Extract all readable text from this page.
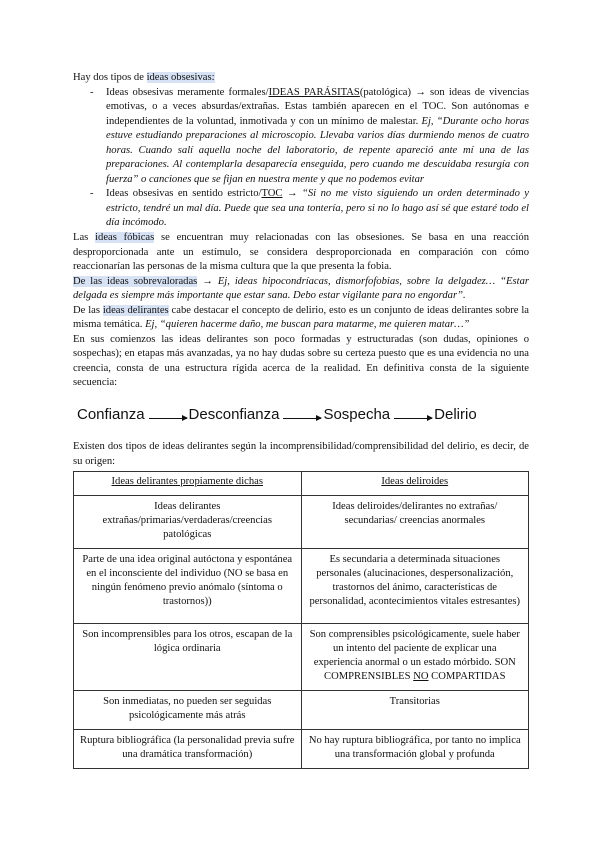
Hay dos tipos de ideas obsesivas:

- Ideas obsesivas meramente formales/IDEAS PARÁSITAS(patológica) → son ideas de vivencias emotivas, o a veces absurdas/extrañas. Estas también aparecen en el TOC. Son autónomas e independientes de la voluntad, inmotivada y con un mínimo de malestar. Ej, “Durante ocho horas estuve estudiando preparaciones al microscopio. Llevaba varios días durmiendo menos de cuatro horas. Cuando salí aquella noche del laboratorio, de repente apareció ante mí una de las preparaciones. Al contemplarla desaparecía enseguida, pero cuando me descuidaba resurgía con fuerza” o canciones que se fijan en nuestra mente y que no podemos evitar
- Ideas obsesivas en sentido estricto/TOC → “Si no me visto siguiendo un orden determinado y estricto, tendré un mal día. Puede que sea una tontería, pero si no lo hago así sé que estaré todo el día incómodo.

Las ideas fóbicas se encuentran muy relacionadas con las obsesiones. Se basa en una reacción desproporcionada ante un estímulo, se considera desproporcionada en comparación con cómo reaccionarían las personas de la misma cultura que la que presenta la fobia.

De las ideas sobrevaloradas → Ej, ideas hipocondríacas, dismorfofobias, sobre la delgadez… “Estar delgada es siempre más importante que estar sana. Debo estar vigilante para no engordar”.

De las ideas delirantes cabe destacar el concepto de delirio, esto es un conjunto de ideas delirantes sobre la misma temática. Ej, “quieren hacerme daño, me buscan para matarme, me quieren matar…”

En sus comienzos las ideas delirantes son poco formadas y estructuradas (son dudas, opiniones o sospechas); en etapas más avanzadas, ya no hay dudas sobre su certeza puesto que es una evidencia no una creencia, consta de una estructura rígida acerca de la realidad. En definitiva consta de la siguiente secuencia:

Confianza	Desconfianza	Sospecha	Delirio

Existen dos tipos de ideas delirantes según la incomprensibilidad/comprensibilidad del delirio, es decir, de su origen:

Ideas delirantes propiamente dichas	Ideas deliroides
Ideas delirantes extrañas/primarias/verdaderas/creencias patológicas	Ideas deliroides/delirantes no extrañas/ secundarias/ creencias anormales
Parte de una idea original autóctona y espontánea en el inconsciente del individuo (NO se basa en ningún fenómeno previo anómalo (síntoma o trastornos))	Es secundaria a determinada situaciones personales (alucinaciones, despersonalización, trastornos del ánimo, características de personalidad, acontecimientos vitales estresantes)
Son incomprensibles para los otros, escapan de la lógica ordinaria	Son comprensibles psicológicamente, suele haber un intento del paciente de explicar una experiencia anormal o un estado mórbido. SON COMPRENSIBLES NO COMPARTIDAS
Son inmediatas, no pueden ser seguidas psicológicamente más atrás	Transitorias
Ruptura bibliográfica (la personalidad previa sufre una dramática transformación)	No hay ruptura bibliográfica, por tanto no implica una transformación global y profunda
